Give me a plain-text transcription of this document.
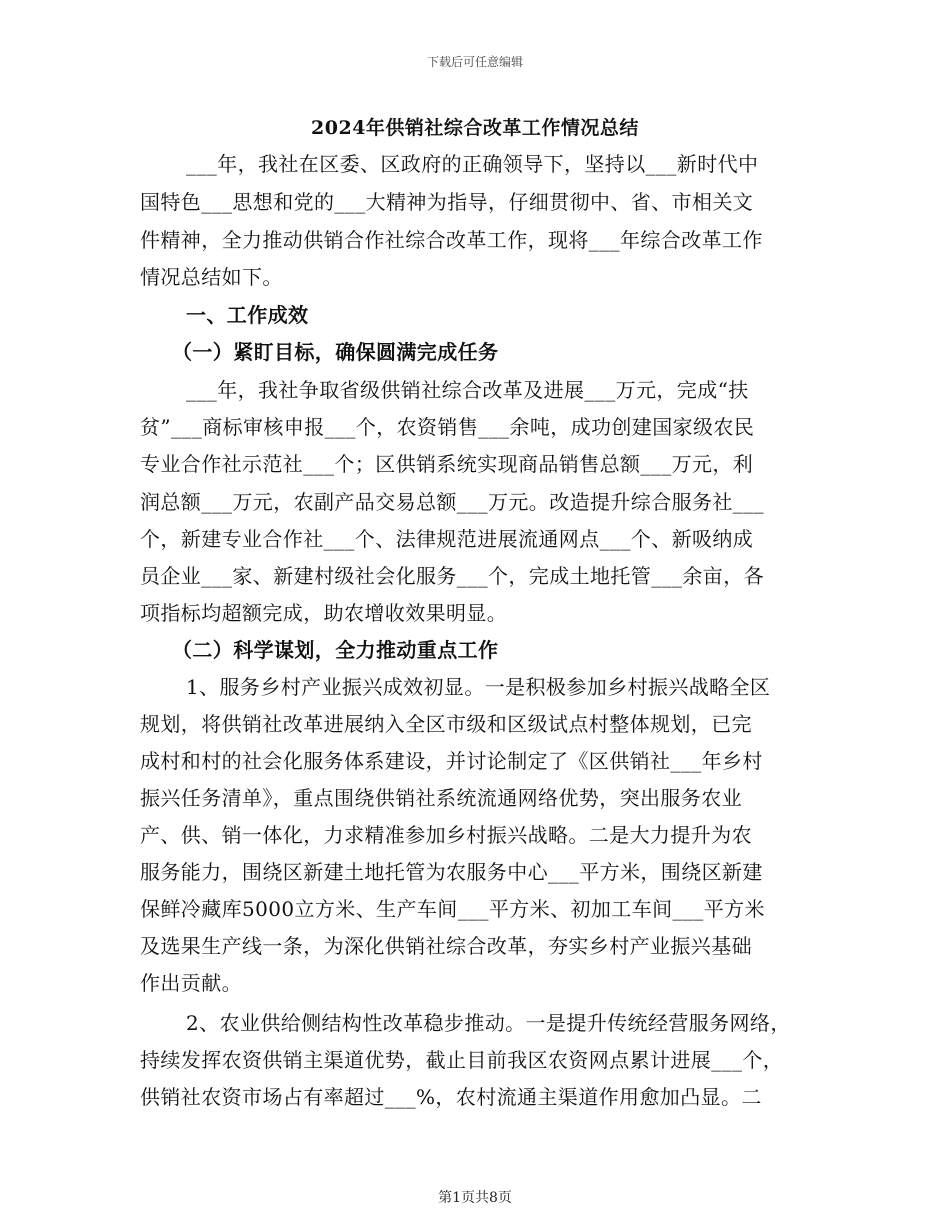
下载后可任意编辑
2024年供销社综合改革工作情况总结
___年，我社在区委、区政府的正确领导下，坚持以___新时代中
国特色___思想和党的___大精神为指导，仔细贯彻中、省、市相关文
件精神，全力推动供销合作社综合改革工作，现将___年综合改革工作
情况总结如下。
一、工作成效
（一）紧盯目标，确保圆满完成任务
___年，我社争取省级供销社综合改革及进展___万元，完成“扶
贫”___商标审核申报___个，农资销售___余吨，成功创建国家级农民
专业合作社示范社___个；区供销系统实现商品销售总额___万元，利
润总额___万元，农副产品交易总额___万元。改造提升综合服务社___
个，新建专业合作社___个、法律规范进展流通网点___个、新吸纳成
员企业___家、新建村级社会化服务___个，完成土地托管___余亩，各
项指标均超额完成，助农增收效果明显。
（二）科学谋划，全力推动重点工作
1、服务乡村产业振兴成效初显。一是积极参加乡村振兴战略全区
规划，将供销社改革进展纳入全区市级和区级试点村整体规划，已完
成村和村的社会化服务体系建设，并讨论制定了《区供销社___年乡村
振兴任务清单》，重点围绕供销社系统流通网络优势，突出服务农业
产、供、销一体化，力求精准参加乡村振兴战略。二是大力提升为农
服务能力，围绕区新建土地托管为农服务中心___平方米，围绕区新建
保鲜冷藏库5000立方米、生产车间___平方米、初加工车间___平方米
及选果生产线一条，为深化供销社综合改革，夯实乡村产业振兴基础
作出贡献。
2、农业供给侧结构性改革稳步推动。一是提升传统经营服务网络，
持续发挥农资供销主渠道优势，截止目前我区农资网点累计进展___个，
供销社农资市场占有率超过___%，农村流通主渠道作用愈加凸显。二
第1页共8页
